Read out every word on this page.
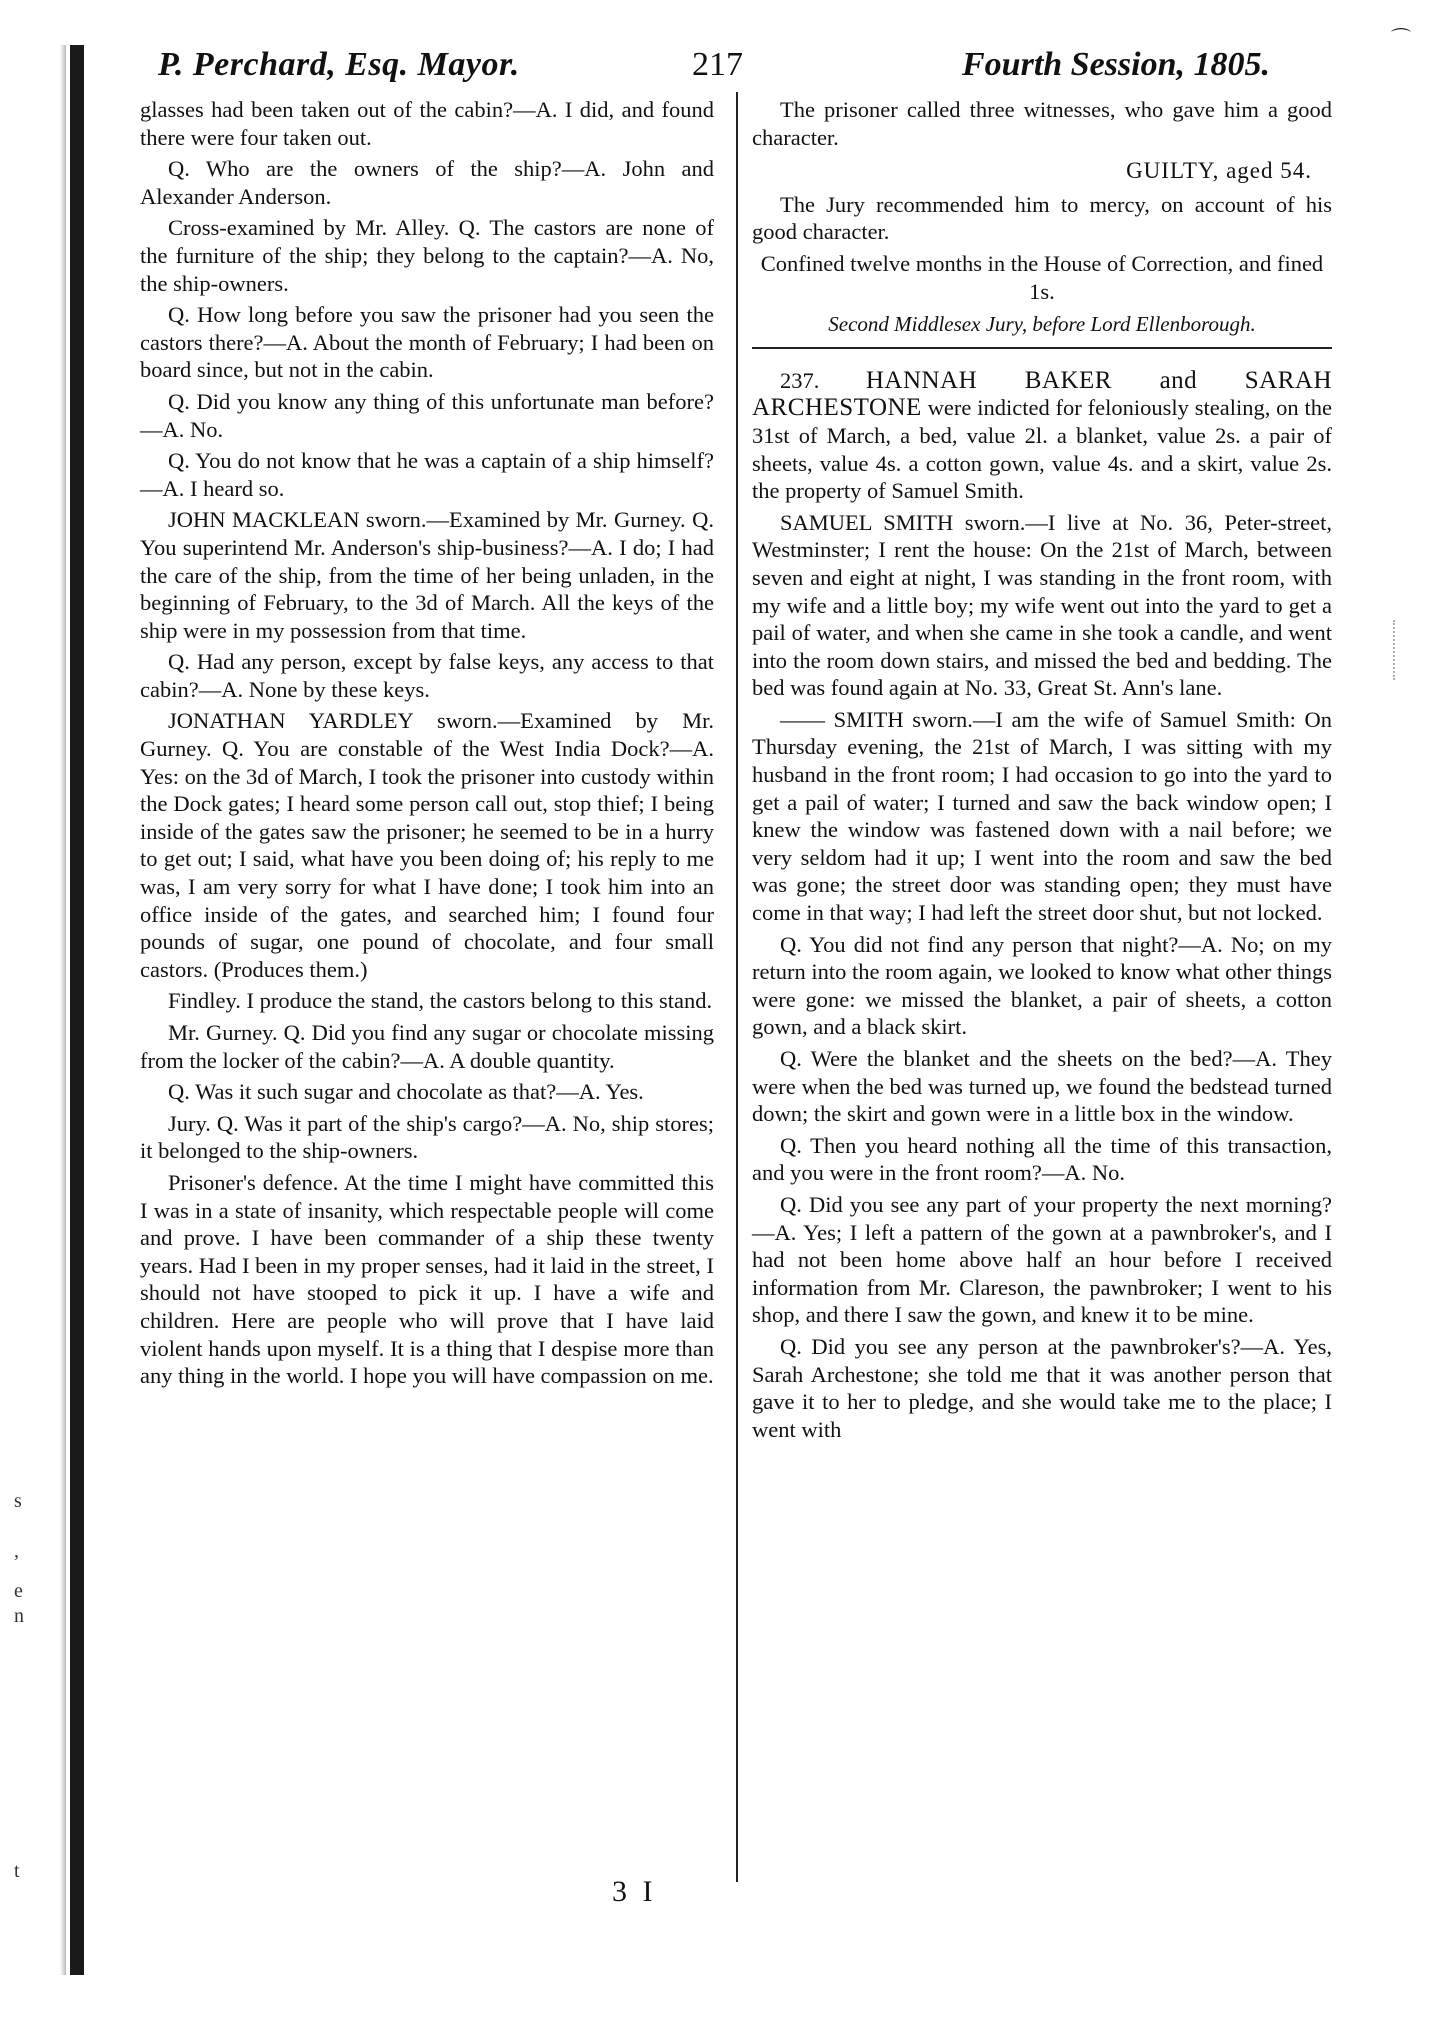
⌒
s
,
e
n
t
P. Perchard, Esq. Mayor.	217	Fourth Session, 1805.

glasses had been taken out of the cabin?—A. I did, and found there were four taken out.

Q. Who are the owners of the ship?—A. John and Alexander Anderson.

Cross-examined by Mr. Alley. Q. The castors are none of the furniture of the ship; they belong to the captain?—A. No, the ship-owners.

Q. How long before you saw the prisoner had you seen the castors there?—A. About the month of February; I had been on board since, but not in the cabin.

Q. Did you know any thing of this unfortunate man before?—A. No.

Q. You do not know that he was a captain of a ship himself?—A. I heard so.

JOHN MACKLEAN sworn.—Examined by Mr. Gurney. Q. You superintend Mr. Anderson's ship-business?—A. I do; I had the care of the ship, from the time of her being unladen, in the beginning of February, to the 3d of March. All the keys of the ship were in my possession from that time.

Q. Had any person, except by false keys, any access to that cabin?—A. None by these keys.

JONATHAN YARDLEY sworn.—Examined by Mr. Gurney. Q. You are constable of the West India Dock?—A. Yes: on the 3d of March, I took the prisoner into custody within the Dock gates; I heard some person call out, stop thief; I being inside of the gates saw the prisoner; he seemed to be in a hurry to get out; I said, what have you been doing of; his reply to me was, I am very sorry for what I have done; I took him into an office inside of the gates, and searched him; I found four pounds of sugar, one pound of chocolate, and four small castors. (Produces them.)

Findley. I produce the stand, the castors belong to this stand.

Mr. Gurney. Q. Did you find any sugar or chocolate missing from the locker of the cabin?—A. A double quantity.

Q. Was it such sugar and chocolate as that?—A. Yes.

Jury. Q. Was it part of the ship's cargo?—A. No, ship stores; it belonged to the ship-owners.

Prisoner's defence. At the time I might have committed this I was in a state of insanity, which respectable people will come and prove. I have been commander of a ship these twenty years. Had I been in my proper senses, had it laid in the street, I should not have stooped to pick it up. I have a wife and children. Here are people who will prove that I have laid violent hands upon myself. It is a thing that I despise more than any thing in the world. I hope you will have compassion on me.

The prisoner called three witnesses, who gave him a good character.

GUILTY, aged 54.

The Jury recommended him to mercy, on account of his good character.

Confined twelve months in the House of Correction, and fined 1s.

Second Middlesex Jury, before Lord Ellenborough.

237. HANNAH BAKER and SARAH ARCHESTONE were indicted for feloniously stealing, on the 31st of March, a bed, value 2l. a blanket, value 2s. a pair of sheets, value 4s. a cotton gown, value 4s. and a skirt, value 2s. the property of Samuel Smith.

SAMUEL SMITH sworn.—I live at No. 36, Peter-street, Westminster; I rent the house: On the 21st of March, between seven and eight at night, I was standing in the front room, with my wife and a little boy; my wife went out into the yard to get a pail of water, and when she came in she took a candle, and went into the room down stairs, and missed the bed and bedding. The bed was found again at No. 33, Great St. Ann's lane.

—— SMITH sworn.—I am the wife of Samuel Smith: On Thursday evening, the 21st of March, I was sitting with my husband in the front room; I had occasion to go into the yard to get a pail of water; I turned and saw the back window open; I knew the window was fastened down with a nail before; we very seldom had it up; I went into the room and saw the bed was gone; the street door was standing open; they must have come in that way; I had left the street door shut, but not locked.

Q. You did not find any person that night?—A. No; on my return into the room again, we looked to know what other things were gone: we missed the blanket, a pair of sheets, a cotton gown, and a black skirt.

Q. Were the blanket and the sheets on the bed?—A. They were when the bed was turned up, we found the bedstead turned down; the skirt and gown were in a little box in the window.

Q. Then you heard nothing all the time of this transaction, and you were in the front room?—A. No.

Q. Did you see any part of your property the next morning?—A. Yes; I left a pattern of the gown at a pawnbroker's, and I had not been home above half an hour before I received information from Mr. Clareson, the pawnbroker; I went to his shop, and there I saw the gown, and knew it to be mine.

Q. Did you see any person at the pawnbroker's?—A. Yes, Sarah Archestone; she told me that it was another person that gave it to her to pledge, and she would take me to the place; I went with

3 I
